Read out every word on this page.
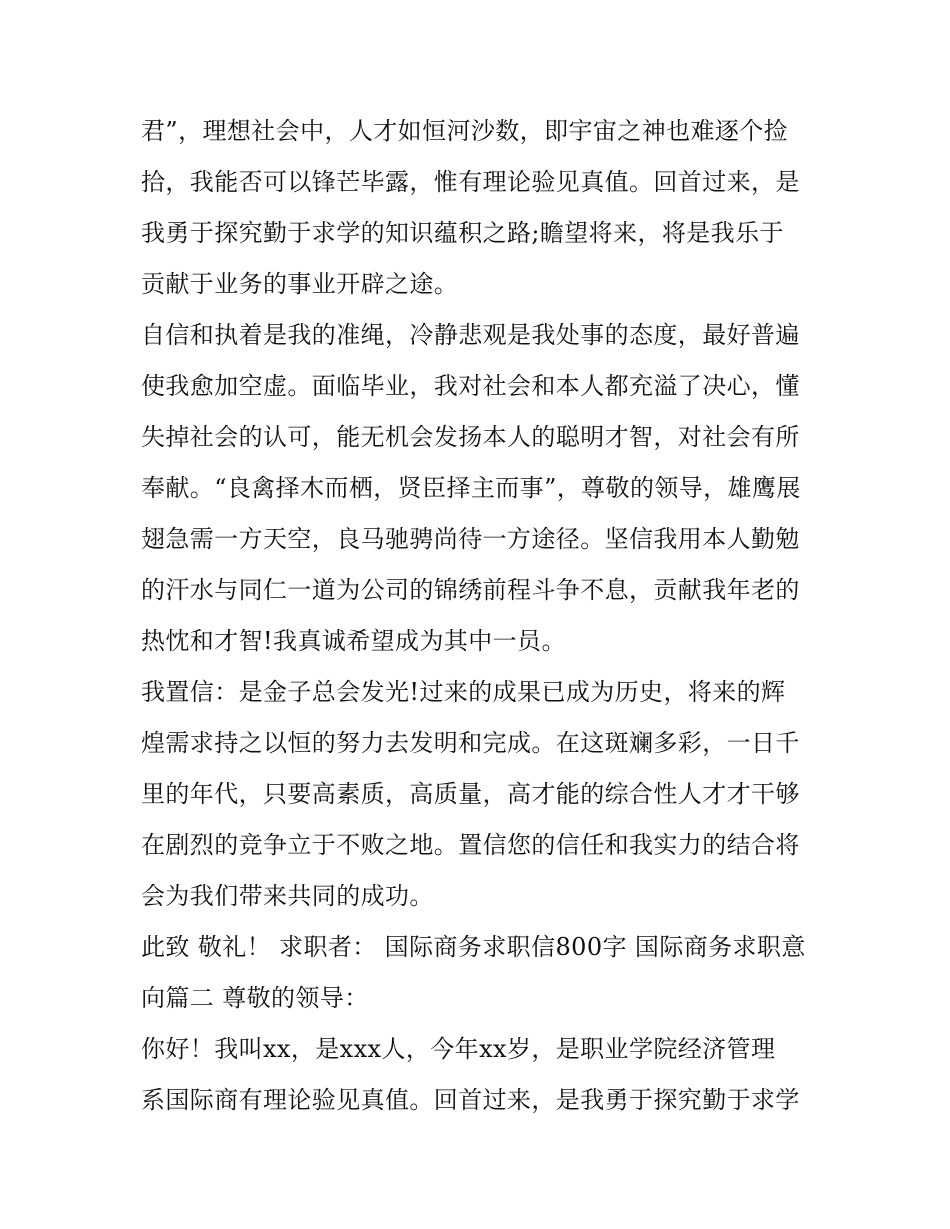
君”，理想社会中，人才如恒河沙数，即宇宙之神也难逐个捡
拾，我能否可以锋芒毕露，惟有理论验见真值。回首过来，是
我勇于探究勤于求学的知识蕴积之路;瞻望将来，将是我乐于
贡献于业务的事业开辟之途。
自信和执着是我的准绳，冷静悲观是我处事的态度，最好普遍
使我愈加空虚。面临毕业，我对社会和本人都充溢了决心，懂
失掉社会的认可，能无机会发扬本人的聪明才智，对社会有所
奉献。“良禽择木而栖，贤臣择主而事”，尊敬的领导，雄鹰展
翅急需一方天空，良马驰骋尚待一方途径。坚信我用本人勤勉
的汗水与同仁一道为公司的锦绣前程斗争不息，贡献我年老的
热忱和才智!我真诚希望成为其中一员。
我置信：是金子总会发光!过来的成果已成为历史，将来的辉
煌需求持之以恒的努力去发明和完成。在这斑斓多彩，一日千
里的年代，只要高素质，高质量，高才能的综合性人才才干够
在剧烈的竞争立于不败之地。置信您的信任和我实力的结合将
会为我们带来共同的成功。
此致 敬礼！ 求职者： 国际商务求职信800字 国际商务求职意
向篇二 尊敬的领导：
你好！我叫xx，是xxx人，今年xx岁，是职业学院经济管理
系国际商有理论验见真值。回首过来，是我勇于探究勤于求学
